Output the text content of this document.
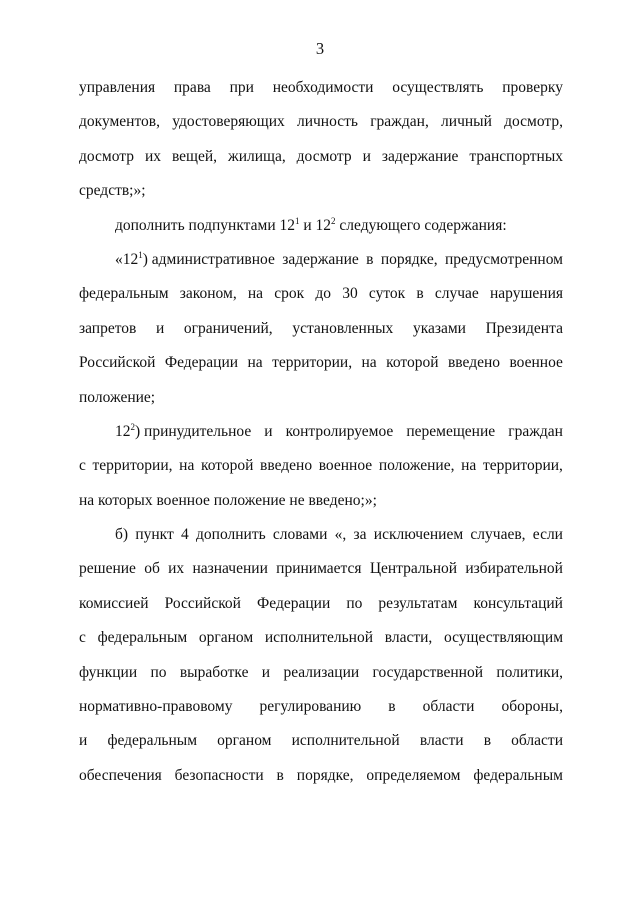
3
управления права при необходимости осуществлять проверку
документов, удостоверяющих личность граждан, личный досмотр,
досмотр их вещей, жилища, досмотр и задержание транспортных
средств;»;
дополнить подпунктами $12^1$ и $12^2$ следующего содержания:
«$12^1$) административное задержание в порядке, предусмотренном
федеральным законом, на срок до 30 суток в случае нарушения
запретов и ограничений, установленных указами Президента
Российской Федерации на территории, на которой введено военное
положение;
$12^2$) принудительное и контролируемое перемещение граждан
с территории, на которой введено военное положение, на территории,
на которых военное положение не введено;»;
б) пункт 4 дополнить словами «, за исключением случаев, если
решение об их назначении принимается Центральной избирательной
комиссией Российской Федерации по результатам консультаций
с федеральным органом исполнительной власти, осуществляющим
функции по выработке и реализации государственной политики,
нормативно-правовому регулированию в области обороны,
и федеральным органом исполнительной власти в области
обеспечения безопасности в порядке, определяемом федеральным
